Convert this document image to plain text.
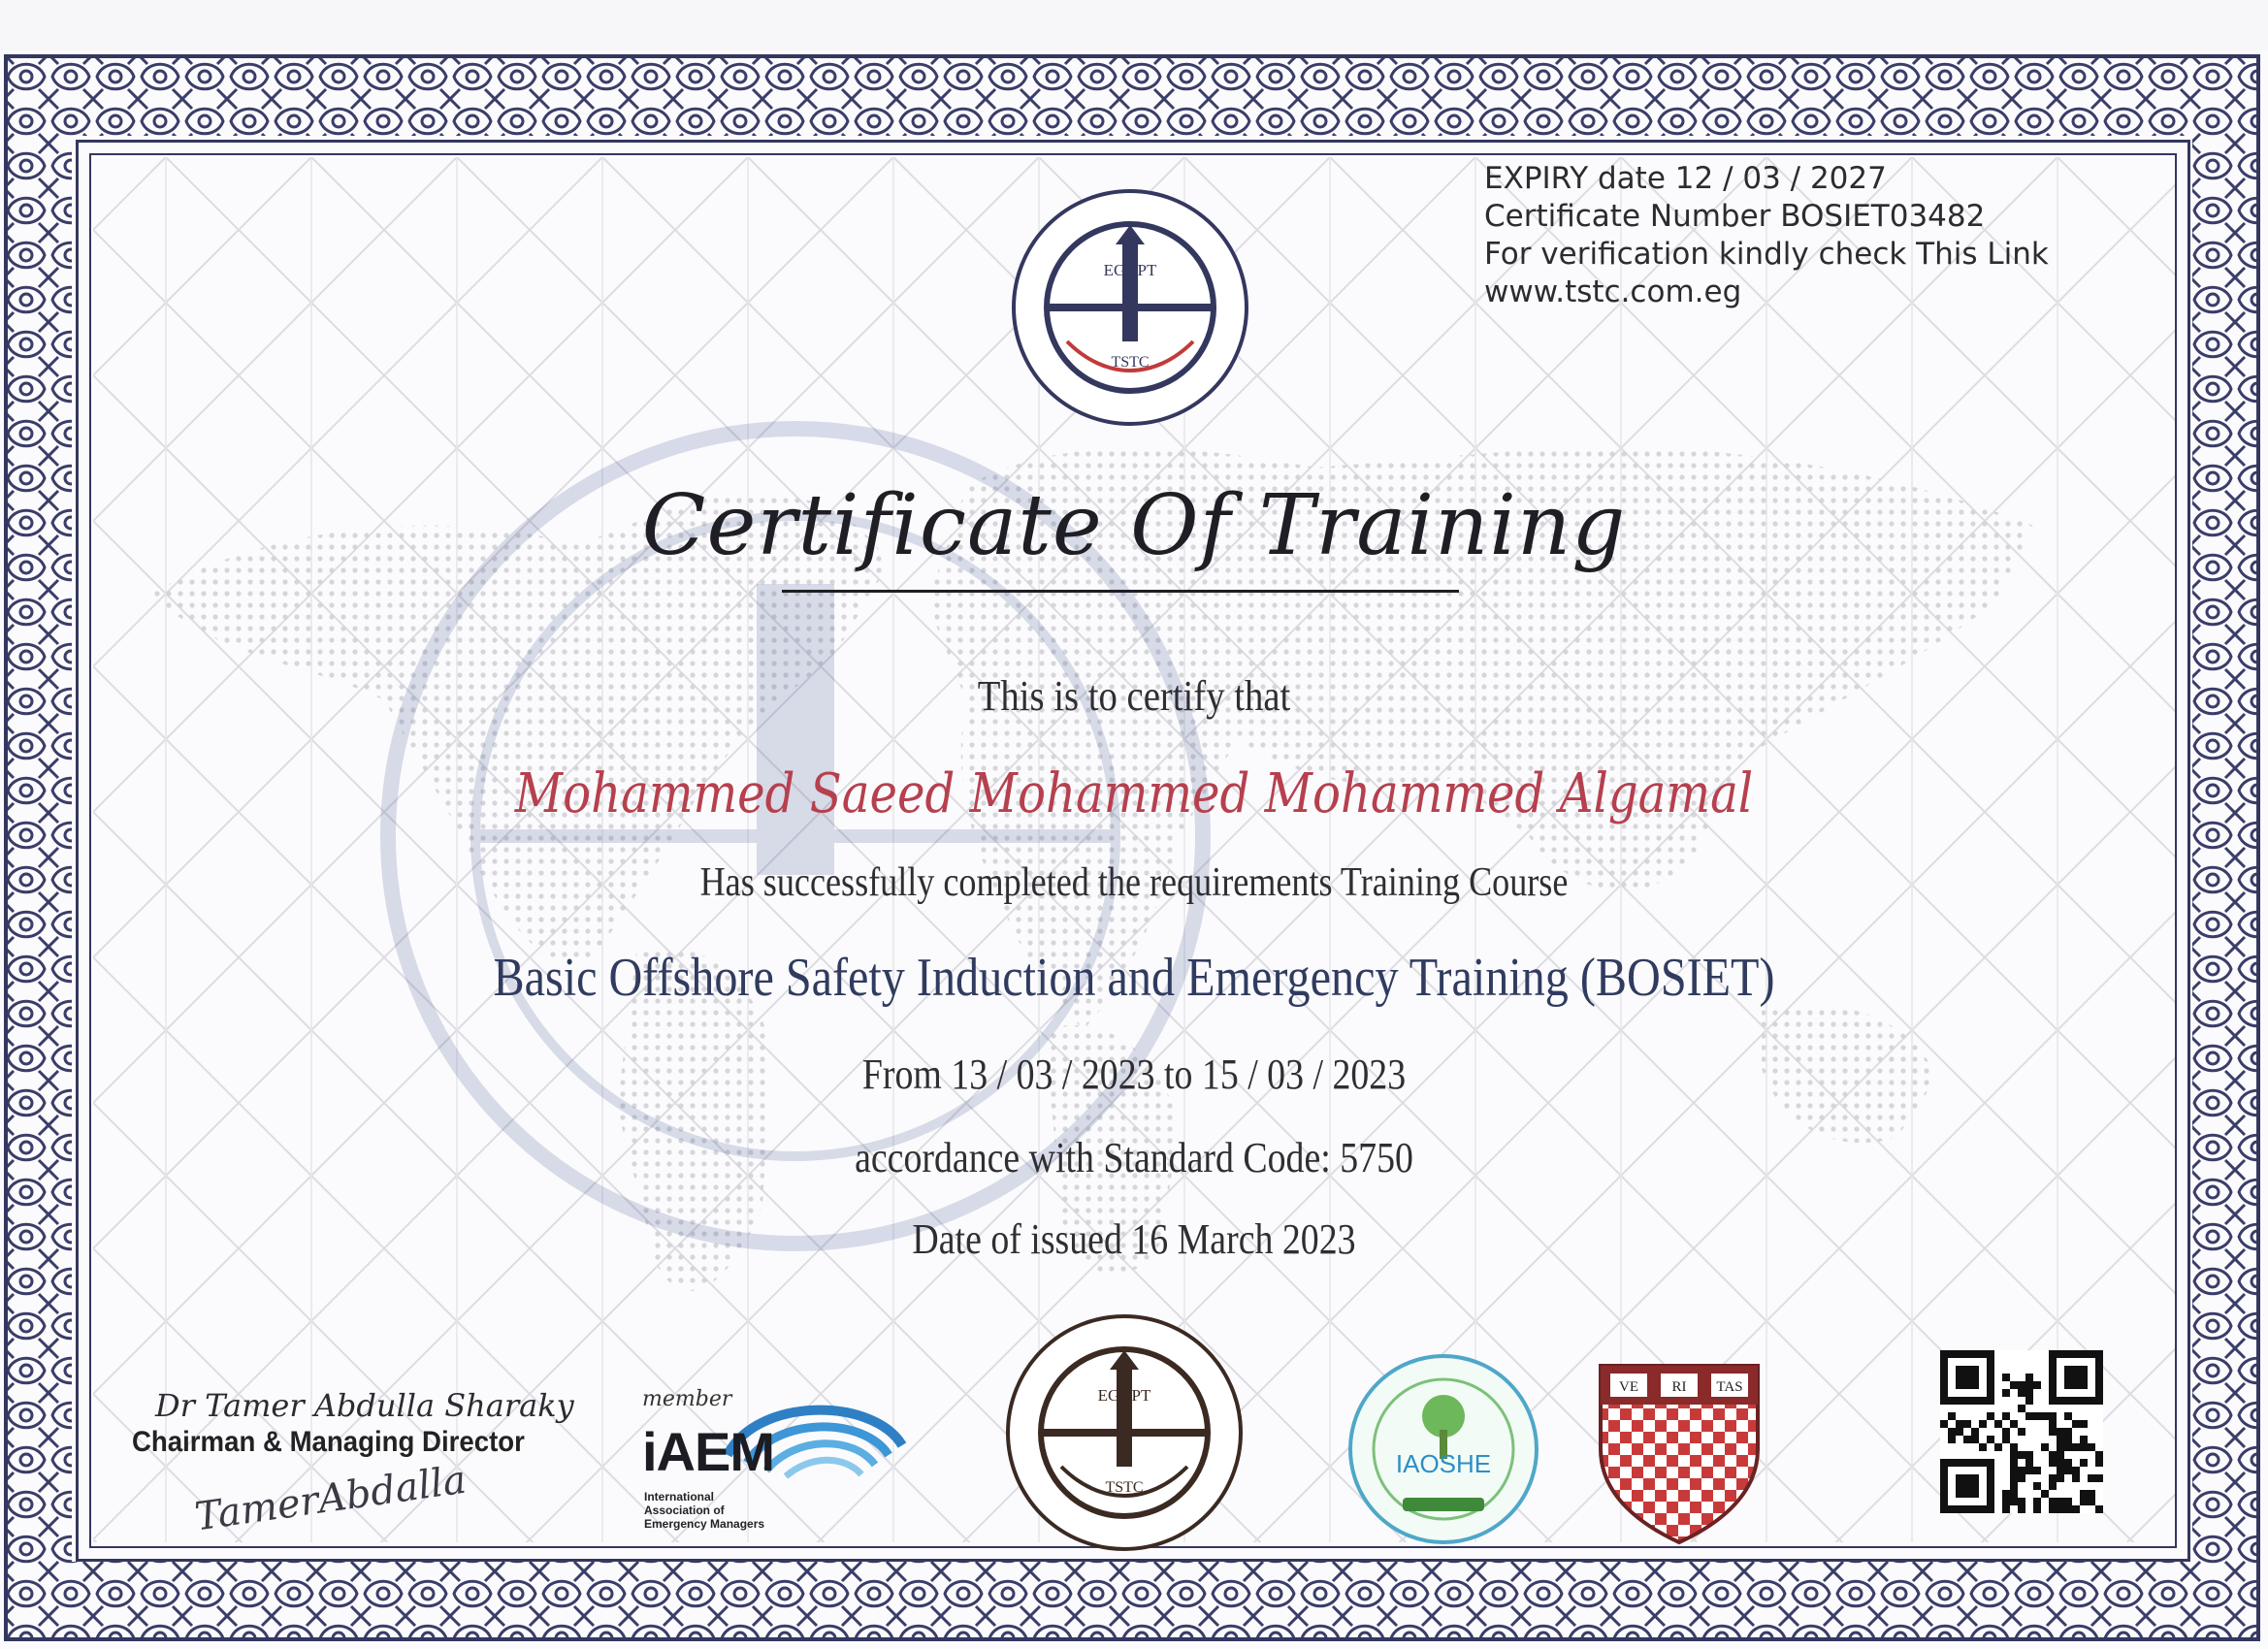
EGYPT
TSTC
EXPIRY date 12 / 03 / 2027
Certificate Number BOSIET03482
For verification kindly check This Link
www.tstc.com.eg
Certificate Of Training
This is to certify that
Mohammed Saeed Mohammed Mohammed Algamal
Has successfully completed the requirements Training Course
Basic Offshore Safety Induction and Emergency Training (BOSIET)
From 13 / 03 / 2023 to 15 / 03 / 2023
accordance with Standard Code: 5750
Date of issued 16 March 2023
Dr Tamer Abdulla Sharaky
Chairman & Managing Director
TamerAbdalla
member
iAEM
International
Association of
Emergency Managers
EGYPT
TSTC
IAOSHE
VE RI TAS
